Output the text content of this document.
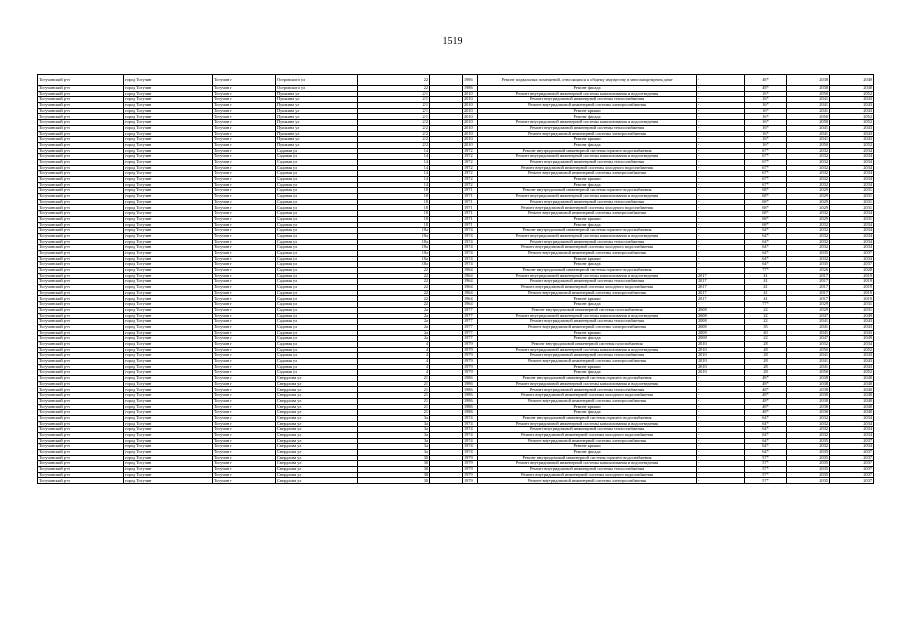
1519
Тогучинский р-н	город Тогучин	Тогучин г	Островского ул	22		1986	Ремонт подвальных помещений, относящихся к общему имуществу в многоквартирном доме	-	48*	2038	2040
Тогучинский р-н	город Тогучин	Тогучин г	Островского ул	22		1986	Ремонт фасада	-	48*	2038	2040
Тогучинский р-н	город Тогучин	Тогучин г	Пушкина ул	2/1		2010	Ремонт внутридомовой инженерной системы канализования и водоотведения	-	16*	2050	2052
Тогучинский р-н	город Тогучин	Тогучин г	Пушкина ул	2/1		2010	Ремонт внутридомовой инженерной системы теплоснабжения	-	16*	2041	2043
Тогучинский р-н	город Тогучин	Тогучин г	Пушкина ул	2/1		2010	Ремонт внутридомовой инженерной системы электроснабжения	-	16*	2041	2043
Тогучинский р-н	город Тогучин	Тогучин г	Пушкина ул	2/1		2010	Ремонт крыши	-	16*	2041	2043
Тогучинский р-н	город Тогучин	Тогучин г	Пушкина ул	2/1		2010	Ремонт фасада	-	16*	2050	2052
Тогучинский р-н	город Тогучин	Тогучин г	Пушкина ул	2/2		2010	Ремонт внутридомовой инженерной системы канализования и водоотведения	-	16*	2050	2052
Тогучинский р-н	город Тогучин	Тогучин г	Пушкина ул	2/2		2010	Ремонт внутридомовой инженерной системы теплоснабжения	-	16*	2041	2043
Тогучинский р-н	город Тогучин	Тогучин г	Пушкина ул	2/2		2010	Ремонт внутридомовой инженерной системы электроснабжения	-	16*	2041	2043
Тогучинский р-н	город Тогучин	Тогучин г	Пушкина ул	2/2		2010	Ремонт крыши	-	16*	2041	2043
Тогучинский р-н	город Тогучин	Тогучин г	Пушкина ул	2/2		2010	Ремонт фасада	-	16*	2050	2052
Тогучинский р-н	город Тогучин	Тогучин г	Садовая ул	14		1972	Ремонт внутридомовой инженерной системы горячего водоснабжения	-	67*	2032	2034
Тогучинский р-н	город Тогучин	Тогучин г	Садовая ул	14		1972	Ремонт внутридомовой инженерной системы канализования и водоотведения	-	67*	2032	2034
Тогучинский р-н	город Тогучин	Тогучин г	Садовая ул	14		1972	Ремонт внутридомовой инженерной системы теплоснабжения	-	67*	2032	2034
Тогучинский р-н	город Тогучин	Тогучин г	Садовая ул	14		1972	Ремонт внутридомовой инженерной системы холодного водоснабжения	-	67*	2032	2034
Тогучинский р-н	город Тогучин	Тогучин г	Садовая ул	14		1972	Ремонт внутридомовой инженерной системы электроснабжения	-	67*	2032	2034
Тогучинский р-н	город Тогучин	Тогучин г	Садовая ул	14		1972	Ремонт крыши	-	67*	2032	2034
Тогучинский р-н	город Тогучин	Тогучин г	Садовая ул	14		1972	Ремонт фасада	-	67*	2032	2034
Тогучинский р-н	город Тогучин	Тогучин г	Садовая ул	18		1971	Ремонт внутридомовой инженерной системы горячего водоснабжения	-	68*	2029	2031
Тогучинский р-н	город Тогучин	Тогучин г	Садовая ул	18		1971	Ремонт внутридомовой инженерной системы канализования и водоотведения	-	68*	2029	2031
Тогучинский р-н	город Тогучин	Тогучин г	Садовая ул	18		1971	Ремонт внутридомовой инженерной системы теплоснабжения	-	68*	2029	2031
Тогучинский р-н	город Тогучин	Тогучин г	Садовая ул	18		1971	Ремонт внутридомовой инженерной системы холодного водоснабжения	-	68*	2029	2031
Тогучинский р-н	город Тогучин	Тогучин г	Садовая ул	18		1971	Ремонт внутридомовой инженерной системы электроснабжения	-	68*	2032	2034
Тогучинский р-н	город Тогучин	Тогучин г	Садовая ул	18		1971	Ремонт крыши	-	68*	2029	2031
Тогучинский р-н	город Тогучин	Тогучин г	Садовая ул	18		1971	Ремонт фасада	-	68*	2032	2034
Тогучинский р-н	город Тогучин	Тогучин г	Садовая ул	18а		1974	Ремонт внутридомовой инженерной системы горячего водоснабжения	-	64*	2032	2034
Тогучинский р-н	город Тогучин	Тогучин г	Садовая ул	18а		1974	Ремонт внутридомовой инженерной системы канализования и водоотведения	-	64*	2032	2034
Тогучинский р-н	город Тогучин	Тогучин г	Садовая ул	18а		1974	Ремонт внутридомовой инженерной системы теплоснабжения	-	64*	2032	2034
Тогучинский р-н	город Тогучин	Тогучин г	Садовая ул	18а		1974	Ремонт внутридомовой инженерной системы холодного водоснабжения	-	64*	2032	2034
Тогучинский р-н	город Тогучин	Тогучин г	Садовая ул	18а		1974	Ремонт внутридомовой инженерной системы электроснабжения	-	64*	2035	2037
Тогучинский р-н	город Тогучин	Тогучин г	Садовая ул	18а		1974	Ремонт крыши	-	64*	2032	2034
Тогучинский р-н	город Тогучин	Тогучин г	Садовая ул	18а		1974	Ремонт фасада	-	64*	2035	2037
Тогучинский р-н	город Тогучин	Тогучин г	Садовая ул	22		1964	Ремонт внутридомовой инженерной системы горячего водоснабжения	-	77*	2026	2028
Тогучинский р-н	город Тогучин	Тогучин г	Садовая ул	22		1964	Ремонт внутридомовой инженерной системы канализования и водоотведения	2017	41	2017	2019
Тогучинский р-н	город Тогучин	Тогучин г	Садовая ул	22		1964	Ремонт внутридомовой инженерной системы теплоснабжения	2017	41	2017	2019
Тогучинский р-н	город Тогучин	Тогучин г	Садовая ул	22		1964	Ремонт внутридомовой инженерной системы холодного водоснабжения	2017	41	2017	2019
Тогучинский р-н	город Тогучин	Тогучин г	Садовая ул	22		1964	Ремонт внутридомовой инженерной системы электроснабжения	2017	41	2017	2019
Тогучинский р-н	город Тогучин	Тогучин г	Садовая ул	22		1964	Ремонт крыши	2017	41	2017	2019
Тогучинский р-н	город Тогучин	Тогучин г	Садовая ул	22		1964	Ремонт фасада	-	77*	2029	2031
Тогучинский р-н	город Тогучин	Тогучин г	Садовая ул	2а		1977	Ремонт внутридомовой инженерной системы газоснабжения	2008	22	2029	2031
Тогучинский р-н	город Тогучин	Тогучин г	Садовая ул	2а		1977	Ремонт внутридомовой инженерной системы канализования и водоотведения	2008	22	2047	2049
Тогучинский р-н	город Тогучин	Тогучин г	Садовая ул	2а		1977	Ремонт внутридомовой инженерной системы теплоснабжения	2008	22	2041	2043
Тогучинский р-н	город Тогучин	Тогучин г	Садовая ул	2а		1977	Ремонт внутридомовой инженерной системы электроснабжения	2008	35	2041	2043
Тогучинский р-н	город Тогучин	Тогучин г	Садовая ул	2а		1977	Ремонт крыши	2008	40	2041	2043
Тогучинский р-н	город Тогучин	Тогучин г	Садовая ул	2а		1977	Ремонт фасада	2008	22	2047	2049
Тогучинский р-н	город Тогучин	Тогучин г	Садовая ул	4		1979	Ремонт внутридомовой инженерной системы газоснабжения	2010	28	2032	2034
Тогучинский р-н	город Тогучин	Тогучин г	Садовая ул	4		1979	Ремонт внутридомовой инженерной системы канализования и водоотведения	2010	28	2050	2052
Тогучинский р-н	город Тогучин	Тогучин г	Садовая ул	4		1979	Ремонт внутридомовой инженерной системы теплоснабжения	2010	28	2041	2043
Тогучинский р-н	город Тогучин	Тогучин г	Садовая ул	4		1979	Ремонт внутридомовой инженерной системы электроснабжения	2010	28	2041	2043
Тогучинский р-н	город Тогучин	Тогучин г	Садовая ул	4		1979	Ремонт крыши	2010	28	2041	2043
Тогучинский р-н	город Тогучин	Тогучин г	Садовая ул	4		1979	Ремонт фасада	2010	28	2050	2052
Тогучинский р-н	город Тогучин	Тогучин г	Свердлова ул	21		1986	Ремонт внутридомовой инженерной системы горячего водоснабжения	-	48*	2038	2040
Тогучинский р-н	город Тогучин	Тогучин г	Свердлова ул	21		1986	Ремонт внутридомовой инженерной системы канализования и водоотведения	-	48*	2038	2040
Тогучинский р-н	город Тогучин	Тогучин г	Свердлова ул	21		1986	Ремонт внутридомовой инженерной системы теплоснабжения	-	48*	2038	2040
Тогучинский р-н	город Тогучин	Тогучин г	Свердлова ул	21		1986	Ремонт внутридомовой инженерной системы холодного водоснабжения	-	48*	2038	2040
Тогучинский р-н	город Тогучин	Тогучин г	Свердлова ул	21		1986	Ремонт внутридомовой инженерной системы электроснабжения	-	48*	2038	2040
Тогучинский р-н	город Тогучин	Тогучин г	Свердлова ул	21		1986	Ремонт крыши	-	48*	2038	2040
Тогучинский р-н	город Тогучин	Тогучин г	Свердлова ул	21		1986	Ремонт фасада	-	48*	2038	2040
Тогучинский р-н	город Тогучин	Тогучин г	Свердлова ул	3а		1974	Ремонт внутридомовой инженерной системы горячего водоснабжения	-	64*	2032	2034
Тогучинский р-н	город Тогучин	Тогучин г	Свердлова ул	3а		1974	Ремонт внутридомовой инженерной системы канализования и водоотведения	-	64*	2032	2034
Тогучинский р-н	город Тогучин	Тогучин г	Свердлова ул	3а		1974	Ремонт внутридомовой инженерной системы теплоснабжения	-	64*	2032	2034
Тогучинский р-н	город Тогучин	Тогучин г	Свердлова ул	3а		1974	Ремонт внутридомовой инженерной системы холодного водоснабжения	-	64*	2032	2034
Тогучинский р-н	город Тогучин	Тогучин г	Свердлова ул	3а		1974	Ремонт внутридомовой инженерной системы электроснабжения	-	64*	2035	2037
Тогучинский р-н	город Тогучин	Тогучин г	Свердлова ул	3а		1974	Ремонт крыши	-	64*	2032	2034
Тогучинский р-н	город Тогучин	Тогучин г	Свердлова ул	3а		1974	Ремонт фасада	-	64*	2035	2037
Тогучинский р-н	город Тогучин	Тогучин г	Свердлова ул	30		1979	Ремонт внутридомовой инженерной системы горячего водоснабжения	-	57*	2035	2037
Тогучинский р-н	город Тогучин	Тогучин г	Свердлова ул	30		1979	Ремонт внутридомовой инженерной системы канализования и водоотведения	-	57*	2035	2037
Тогучинский р-н	город Тогучин	Тогучин г	Свердлова ул	30		1979	Ремонт внутридомовой инженерной системы теплоснабжения	-	57*	2035	2037
Тогучинский р-н	город Тогучин	Тогучин г	Свердлова ул	30		1979	Ремонт внутридомовой инженерной системы холодного водоснабжения	-	57*	2035	2037
Тогучинский р-н	город Тогучин	Тогучин г	Свердлова ул	30		1979	Ремонт внутридомовой инженерной системы электроснабжения	-	57*	2035	2037
